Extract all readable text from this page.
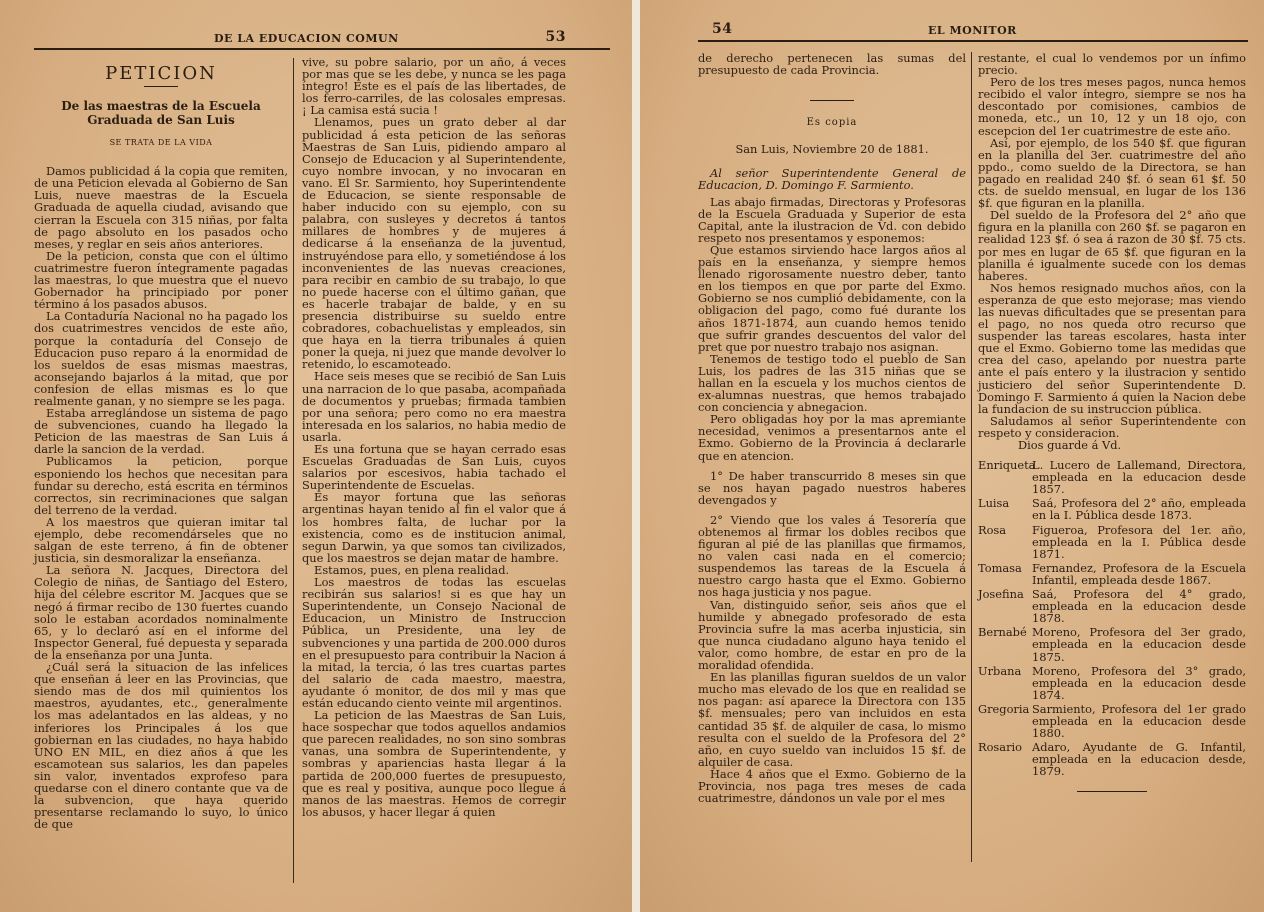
DE LA EDUCACION COMUN	53
PETICION
De las maestras de la Escuela Graduada de San Luis
SE TRATA DE LA VIDA

Damos publicidad á la copia que remiten, de una Peticion elevada al Gobierno de San Luis, nueve maestras de la Escuela Graduada de aquella ciudad, avisando que cierran la Escuela con 315 niñas, por falta de pago absoluto en los pasados ocho meses, y reglar en seis años anteriores.

De la peticion, consta que con el último cuatrimestre fueron íntegramente pagadas las maestras, lo que muestra que el nuevo Gobernador ha principiado por poner término á los pasados abusos.

La Contaduría Nacional no ha pagado los dos cuatrimestres vencidos de este año, porque la contaduría del Consejo de Educacion puso reparo á la enormidad de los sueldos de esas mismas maestras, aconsejando bajarlos á la mitad, que por confesion de ellas mismas es lo que realmente ganan, y no siempre se les paga.

Estaba arreglándose un sistema de pago de subvenciones, cuando ha llegado la Peticion de las maestras de San Luis á darle la sancion de la verdad.

Publicamos la peticion, porque esponiendo los hechos que necesitan para fundar su derecho, está escrita en términos correctos, sin recriminaciones que salgan del terreno de la verdad.

A los maestros que quieran imitar tal ejemplo, debe recomendárseles que no salgan de este terreno, á fin de obtener justicia, sin desmoralizar la enseñanza.

La señora N. Jacques, Directora del Colegio de niñas, de Santiago del Estero, hija del célebre escritor M. Jacques que se negó á firmar recibo de 130 fuertes cuando solo le estaban acordados nominalmente 65, y lo declaró así en el informe del Inspector General, fué depuesta y separada de la enseñanza por una Junta.

¿Cuál será la situacion de las infelices que enseñan á leer en las Provincias, que siendo mas de dos mil quinientos los maestros, ayudantes, etc., generalmente los mas adelantados en las aldeas, y no inferiores los Principales á los que gobiernan en las ciudades, no haya habido UNO EN MIL, en diez años á que les escamotean sus salarios, les dan papeles sin valor, inventados exprofeso para quedarse con el dinero contante que va de la subvencion, que haya querido presentarse reclamando lo suyo, lo único de que

vive, su pobre salario, por un año, á veces por mas que se les debe, y nunca se les paga íntegro! Este es el país de las libertades, de los ferro-carriles, de las colosales empresas. ¡ La camisa está sucia !

Llenamos, pues un grato deber al dar publicidad á esta peticion de las señoras Maestras de San Luis, pidiendo amparo al Consejo de Educacion y al Superintendente, cuyo nombre invocan, y no invocaran en vano. El Sr. Sarmiento, hoy Superintendente de Educacion, se siente responsable de haber inducido con su ejemplo, con su palabra, con susleyes y decretos á tantos millares de hombres y de mujeres á dedicarse á la enseñanza de la juventud, instruyéndose para ello, y sometiéndose á los inconvenientes de las nuevas creaciones, para recibir en cambio de su trabajo, lo que no puede hacerse con el último gañan, que es hacerle trabajar de balde, y en su presencia distribuirse su sueldo entre cobradores, cobachuelistas y empleados, sin que haya en la tierra tribunales á quien poner la queja, ni juez que mande devolver lo retenido, lo escamoteado.

Hace seis meses que se recibió de San Luis una narracion de lo que pasaba, acompañada de documentos y pruebas; firmada tambien por una señora; pero como no era maestra interesada en los salarios, no habia medio de usarla.

Es una fortuna que se hayan cerrado esas Escuelas Graduadas de San Luis, cuyos salarios por escesivos, habia tachado el Superintendente de Escuelas.

Es mayor fortuna que las señoras argentinas hayan tenido al fin el valor que á los hombres falta, de luchar por la existencia, como es de institucion animal, segun Darwin, ya que somos tan civilizados, que los maestros se dejan matar de hambre.

Estamos, pues, en plena realidad.

Los maestros de todas las escuelas recibirán sus salarios! si es que hay un Superintendente, un Consejo Nacional de Educacion, un Ministro de Instruccion Pública, un Presidente, una ley de subvenciones y una partida de 200.000 duros en el presupuesto para contribuir la Nacion á la mitad, la tercia, ó las tres cuartas partes del salario de cada maestro, maestra, ayudante ó monitor, de dos mil y mas que están educando ciento veinte mil argentinos.

La peticion de las Maestras de San Luis, hace sospechar que todos aquellos andamios que parecen realidades, no son sino sombras vanas, una sombra de Superintendente, y sombras y apariencias hasta llegar á la partida de 200,000 fuertes de presupuesto, que es real y positiva, aunque poco llegue á manos de las maestras. Hemos de corregir los abusos, y hacer llegar á quien

54	EL MONITOR

de derecho pertenecen las sumas del presupuesto de cada Provincia.

Es copia
San Luis, Noviembre 20 de 1881.
Al señor Superintendente General de Educacion, D. Domingo F. Sarmiento.

Las abajo firmadas, Directoras y Profesoras de la Escuela Graduada y Superior de esta Capital, ante la ilustracion de Vd. con debido respeto nos presentamos y esponemos:

Que estamos sirviendo hace largos años al país en la enseñanza, y siempre hemos llenado rigorosamente nuestro deber, tanto en los tiempos en que por parte del Exmo. Gobierno se nos cumplió debidamente, con la obligacion del pago, como fué durante los años 1871-1874, aun cuando hemos tenido que sufrir grandes descuentos del valor del pret que por nuestro trabajo nos asignan.

Tenemos de testigo todo el pueblo de San Luis, los padres de las 315 niñas que se hallan en la escuela y los muchos cientos de ex-alumnas nuestras, que hemos trabajado con conciencia y abnegacion.

Pero obligadas hoy por la mas apremiante necesidad, venimos a presentarnos ante el Exmo. Gobierno de la Provincia á declararle que en atencion.

1° De haber transcurrido 8 meses sin que se nos hayan pagado nuestros haberes devengados y

2° Viendo que los vales á Tesorería que obtenemos al firmar los dobles recibos que figuran al pié de las planillas que firmamos, no valen casi nada en el comercio; suspendemos las tareas de la Escuela á nuestro cargo hasta que el Exmo. Gobierno nos haga justicia y nos pague.

Van, distinguido señor, seis años que el humilde y abnegado profesorado de esta Provincia sufre la mas acerba injusticia, sin que nunca ciudadano alguno haya tenido el valor, como hombre, de estar en pro de la moralidad ofendida.

En las planillas figuran sueldos de un valor mucho mas elevado de los que en realidad se nos pagan: así aparece la Directora con 135 $f. mensuales; pero van incluidos en esta cantidad 35 $f. de alquiler de casa, lo mismo resulta con el sueldo de la Profesora del 2° año, en cuyo sueldo van incluidos 15 $f. de alquiler de casa.

Hace 4 años que el Exmo. Gobierno de la Provincia, nos paga tres meses de cada cuatrimestre, dándonos un vale por el mes

restante, el cual lo vendemos por un ínfimo precio.

Pero de los tres meses pagos, nunca hemos recibido el valor íntegro, siempre se nos ha descontado por comisiones, cambios de moneda, etc., un 10, 12 y un 18 ojo, con escepcion del 1er cuatrimestre de este año.

Así, por ejemplo, de los 540 $f. que figuran en la planilla del 3er. cuatrimestre del año ppdo., como sueldo de la Directora, se han pagado en realidad 240 $f. ó sean 61 $f. 50 cts. de sueldo mensual, en lugar de los 136 $f. que figuran en la planilla.

Del sueldo de la Profesora del 2° año que figura en la planilla con 260 $f. se pagaron en realidad 123 $f. ó sea á razon de 30 $f. 75 cts. por mes en lugar de 65 $f. que figuran en la planilla é igualmente sucede con los demas haberes.

Nos hemos resignado muchos años, con la esperanza de que esto mejorase; mas viendo las nuevas dificultades que se presentan para el pago, no nos queda otro recurso que suspender las tareas escolares, hasta inter que el Exmo. Gobierno tome las medidas que crea del caso, apelando por nuestra parte ante el país entero y la ilustracion y sentido justiciero del señor Superintendente D. Domingo F. Sarmiento á quien la Nacion debe la fundacion de su instruccion pública.

Saludamos al señor Superintendente con respeto y consideracion.

Dios guarde á Vd.

Enriqueta
L. Lucero de Lallemand, Directora, empleada en la educacion desde 1857.
Luisa Saá, Profesora del 2° año, empleada en la I. Pública desde 1873.
Rosa Figueroa, Profesora del 1er. año, empleada en la I. Pública desde 1871.
Tomasa Fernandez, Profesora de la Escuela Infantil, empleada desde 1867.
Josefina Saá, Profesora del 4° grado, empleada en la educacion desde 1878.
Bernabé Moreno, Profesora del 3er grado, empleada en la educacion desde 1875.
Urbana Moreno, Profesora del 3° grado, empleada en la educacion desde 1874.
Gregoria Sarmiento, Profesora del 1er grado empleada en la educacion desde 1880.
Rosario Adaro, Ayudante de G. Infantil, empleada en la educacion desde, 1879.
